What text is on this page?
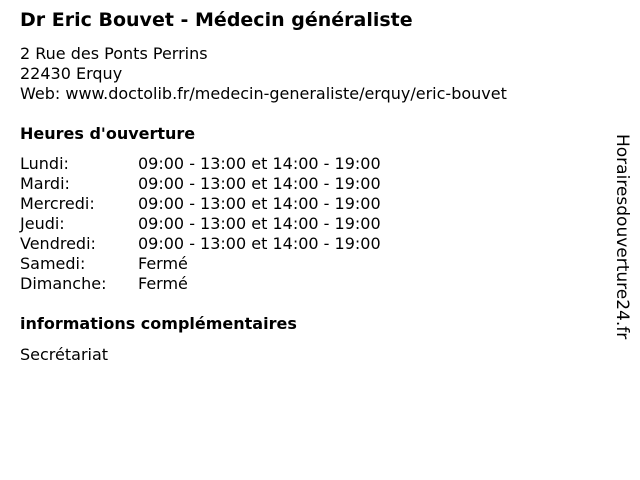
Dr Eric Bouvet - Médecin généraliste
2 Rue des Ponts Perrins
22430 Erquy
Web: www.doctolib.fr/medecin-generaliste/erquy/eric-bouvet
Heures d'ouverture
Lundi:	09:00 - 13:00 et 14:00 - 19:00
Mardi:	09:00 - 13:00 et 14:00 - 19:00
Mercredi:	09:00 - 13:00 et 14:00 - 19:00
Jeudi:	09:00 - 13:00 et 14:00 - 19:00
Vendredi:	09:00 - 13:00 et 14:00 - 19:00
Samedi:	Fermé
Dimanche:	Fermé
informations complémentaires
Secrétariat
Horairesdouverture24.fr
